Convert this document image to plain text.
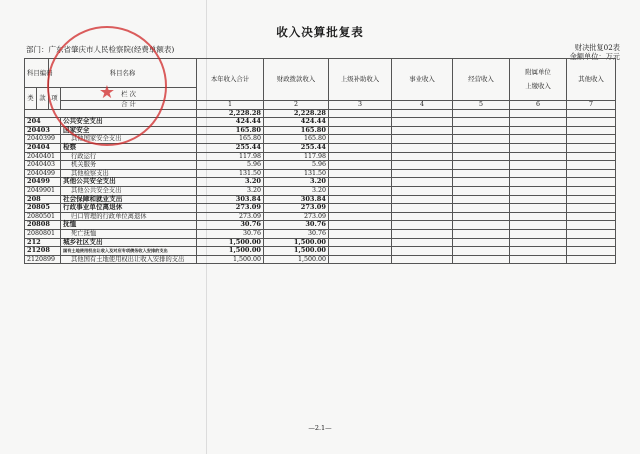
收入决算批复表
部门：广东省肇庆市人民检察院(经费单额表)	财决批复02表
金额单位：万元
科目编码		科目名称		本年收入合计	财政拨款收入	上级补助收入	事业收入	经营收入	附属单位
上缴收入	其他收入
类	款	项	栏 次							
			合 计	1	2	3	4	5	6	7
				2,228.28	2,228.28					
204			公共安全支出	424.44	424.44					
20403			国家安全	165.80	165.80					
2040399			其他国家安全支出	165.80	165.80					
20404			检察	255.44	255.44					
2040401			行政运行	117.98	117.98					
2040403			机关服务	5.96	5.96					
2040499			其他检察支出	131.50	131.50					
20499			其他公共安全支出	3.20	3.20					
2049901			其他公共安全支出	3.20	3.20					
208			社会保障和就业支出	303.84	303.84					
20805			行政事业单位离退休	273.09	273.09					
2080501			归口管理的行政单位离退休	273.09	273.09					
20808			抚恤	30.76	30.76					
2080801			死亡抚恤	30.76	30.76					
212			城乡社区支出	1,500.00	1,500.00					
21208			国有土地使用权出让收入及对应专项债务收入安排的支出	1,500.00	1,500.00					
2120899			其他国有土地使用权出让收入安排的支出	1,500.00	1,500.00					
★
—2.1—
